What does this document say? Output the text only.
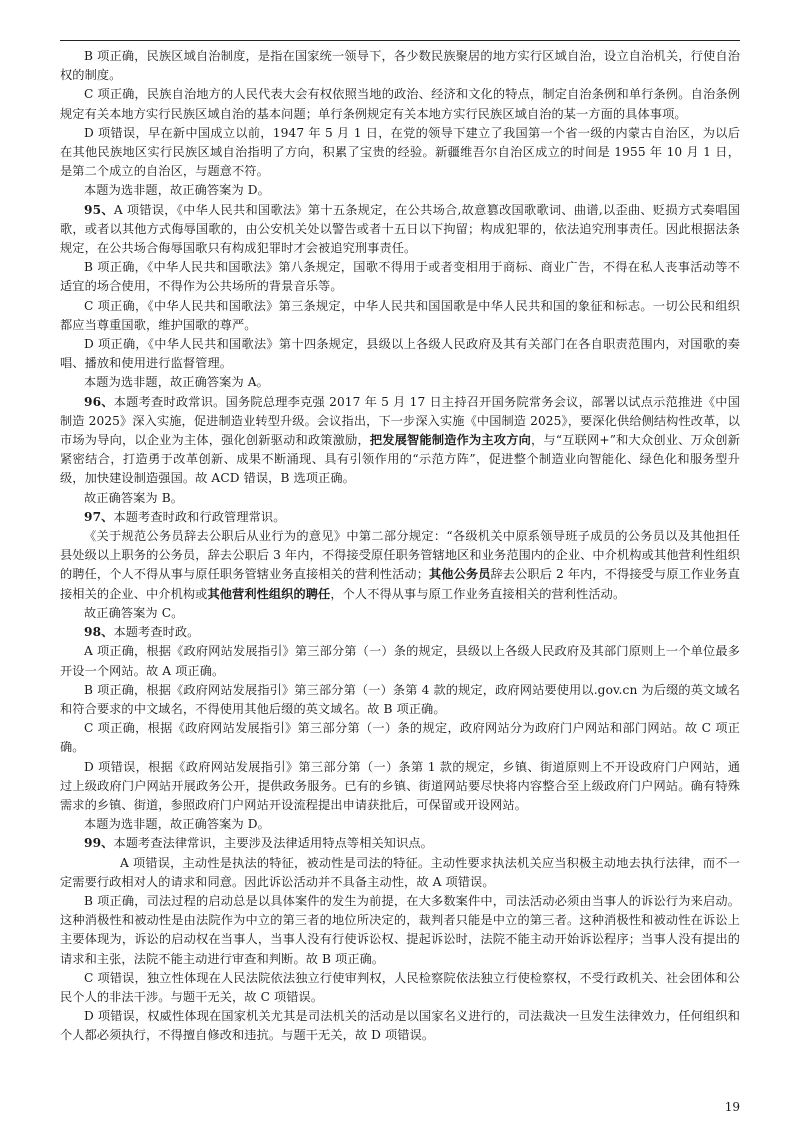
B 项正确，民族区域自治制度，是指在国家统一领导下，各少数民族聚居的地方实行区域自治，设立自治机关，行使自治权的制度。

C 项正确，民族自治地方的人民代表大会有权依照当地的政治、经济和文化的特点，制定自治条例和单行条例。自治条例规定有关本地方实行民族区域自治的基本问题；单行条例规定有关本地方实行民族区域自治的某一方面的具体事项。

D 项错误，早在新中国成立以前，1947 年 5 月 1 日，在党的领导下建立了我国第一个省一级的内蒙古自治区，为以后在其他民族地区实行民族区域自治指明了方向，积累了宝贵的经验。新疆维吾尔自治区成立的时间是 1955 年 10 月 1 日，是第二个成立的自治区，与题意不符。

本题为选非题，故正确答案为 D。

95、A 项错误，《中华人民共和国歌法》第十五条规定，在公共场合,故意篡改国歌歌词、曲谱,以歪曲、贬损方式奏唱国歌，或者以其他方式侮辱国歌的，由公安机关处以警告或者十五日以下拘留；构成犯罪的，依法追究刑事责任。因此根据法条规定，在公共场合侮辱国歌只有构成犯罪时才会被追究刑事责任。

B 项正确，《中华人民共和国歌法》第八条规定，国歌不得用于或者变相用于商标、商业广告，不得在私人丧事活动等不适宜的场合使用，不得作为公共场所的背景音乐等。

C 项正确，《中华人民共和国歌法》第三条规定，中华人民共和国国歌是中华人民共和国的象征和标志。一切公民和组织都应当尊重国歌，维护国歌的尊严。

D 项正确，《中华人民共和国歌法》第十四条规定，县级以上各级人民政府及其有关部门在各自职责范围内，对国歌的奏唱、播放和使用进行监督管理。

本题为选非题，故正确答案为 A。

96、本题考查时政常识。国务院总理李克强 2017 年 5 月 17 日主持召开国务院常务会议，部署以试点示范推进《中国制造 2025》深入实施，促进制造业转型升级。会议指出，下一步深入实施《中国制造 2025》，要深化供给侧结构性改革，以市场为导向，以企业为主体，强化创新驱动和政策激励，把发展智能制造作为主攻方向，与“互联网+”和大众创业、万众创新紧密结合，打造勇于改革创新、成果不断涌现、具有引领作用的“示范方阵”，促进整个制造业向智能化、绿色化和服务型升级，加快建设制造强国。故 ACD 错误，B 选项正确。

故正确答案为 B。

97、本题考查时政和行政管理常识。

《关于规范公务员辞去公职后从业行为的意见》中第二部分规定：“各级机关中原系领导班子成员的公务员以及其他担任县处级以上职务的公务员，辞去公职后 3 年内，不得接受原任职务管辖地区和业务范围内的企业、中介机构或其他营利性组织的聘任，个人不得从事与原任职务管辖业务直接相关的营利性活动；其他公务员辞去公职后 2 年内，不得接受与原工作业务直接相关的企业、中介机构或其他营利性组织的聘任，个人不得从事与原工作业务直接相关的营利性活动。

故正确答案为 C。

98、本题考查时政。

A 项正确，根据《政府网站发展指引》第三部分第（一）条的规定，县级以上各级人民政府及其部门原则上一个单位最多开设一个网站。故 A 项正确。

B 项正确，根据《政府网站发展指引》第三部分第（一）条第 4 款的规定，政府网站要使用以.gov.cn 为后缀的英文域名和符合要求的中文域名，不得使用其他后缀的英文域名。故 B 项正确。

C 项正确，根据《政府网站发展指引》第三部分第（一）条的规定，政府网站分为政府门户网站和部门网站。故 C 项正确。

D 项错误，根据《政府网站发展指引》第三部分第（一）条第 1 款的规定，乡镇、街道原则上不开设政府门户网站，通过上级政府门户网站开展政务公开，提供政务服务。已有的乡镇、街道网站要尽快将内容整合至上级政府门户网站。确有特殊需求的乡镇、街道，参照政府门户网站开设流程提出申请获批后，可保留或开设网站。

本题为选非题，故正确答案为 D。

99、本题考查法律常识，主要涉及法律适用特点等相关知识点。

A 项错误，主动性是执法的特征，被动性是司法的特征。主动性要求执法机关应当积极主动地去执行法律，而不一定需要行政相对人的请求和同意。因此诉讼活动并不具备主动性，故 A 项错误。

B 项正确，司法过程的启动总是以具体案件的发生为前提，在大多数案件中，司法活动必须由当事人的诉讼行为来启动。这种消极性和被动性是由法院作为中立的第三者的地位所决定的，裁判者只能是中立的第三者。这种消极性和被动性在诉讼上主要体现为，诉讼的启动权在当事人，当事人没有行使诉讼权、提起诉讼时，法院不能主动开始诉讼程序；当事人没有提出的请求和主张，法院不能主动进行审查和判断。故 B 项正确。

C 项错误，独立性体现在人民法院依法独立行使审判权，人民检察院依法独立行使检察权，不受行政机关、社会团体和公民个人的非法干涉。与题干无关，故 C 项错误。

D 项错误，权威性体现在国家机关尤其是司法机关的活动是以国家名义进行的，司法裁决一旦发生法律效力，任何组织和个人都必须执行，不得擅自修改和违抗。与题干无关，故 D 项错误。

19
